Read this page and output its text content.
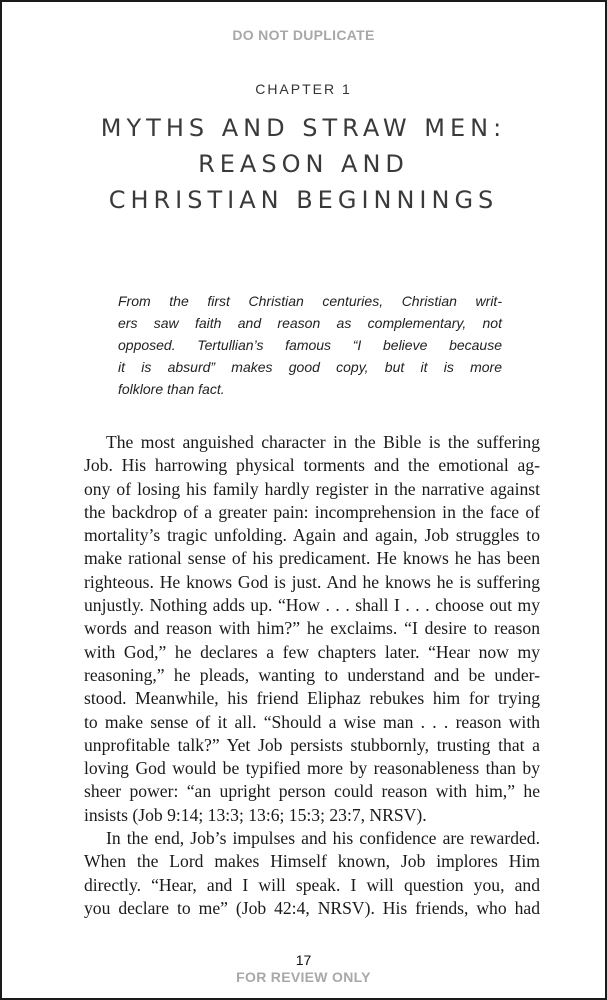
DO NOT DUPLICATE
CHAPTER 1
MYTHS AND STRAW MEN:
REASON AND
CHRISTIAN BEGINNINGS
From the first Christian centuries, Christian writ-
ers saw faith and reason as complementary, not
opposed. Tertullian’s famous “I believe because
it is absurd” makes good copy, but it is more
folklore than fact.
The most anguished character in the Bible is the suffering
Job. His harrowing physical torments and the emotional ag-
ony of losing his family hardly register in the narrative against
the backdrop of a greater pain: incomprehension in the face of
mortality’s tragic unfolding. Again and again, Job struggles to
make rational sense of his predicament. He knows he has been
righteous. He knows God is just. And he knows he is suffering
unjustly. Nothing adds up. “How . . . shall I . . . choose out my
words and reason with him?” he exclaims. “I desire to reason
with God,” he declares a few chapters later. “Hear now my
reasoning,” he pleads, wanting to understand and be under-
stood. Meanwhile, his friend Eliphaz rebukes him for trying
to make sense of it all. “Should a wise man . . . reason with
unprofitable talk?” Yet Job persists stubbornly, trusting that a
loving God would be typified more by reasonableness than by
sheer power: “an upright person could reason with him,” he
insists (Job 9:14; 13:3; 13:6; 15:3; 23:7, NRSV).
In the end, Job’s impulses and his confidence are rewarded.
When the Lord makes Himself known, Job implores Him
directly. “Hear, and I will speak. I will question you, and
you declare to me” (Job 42:4, NRSV). His friends, who had
17
FOR REVIEW ONLY
